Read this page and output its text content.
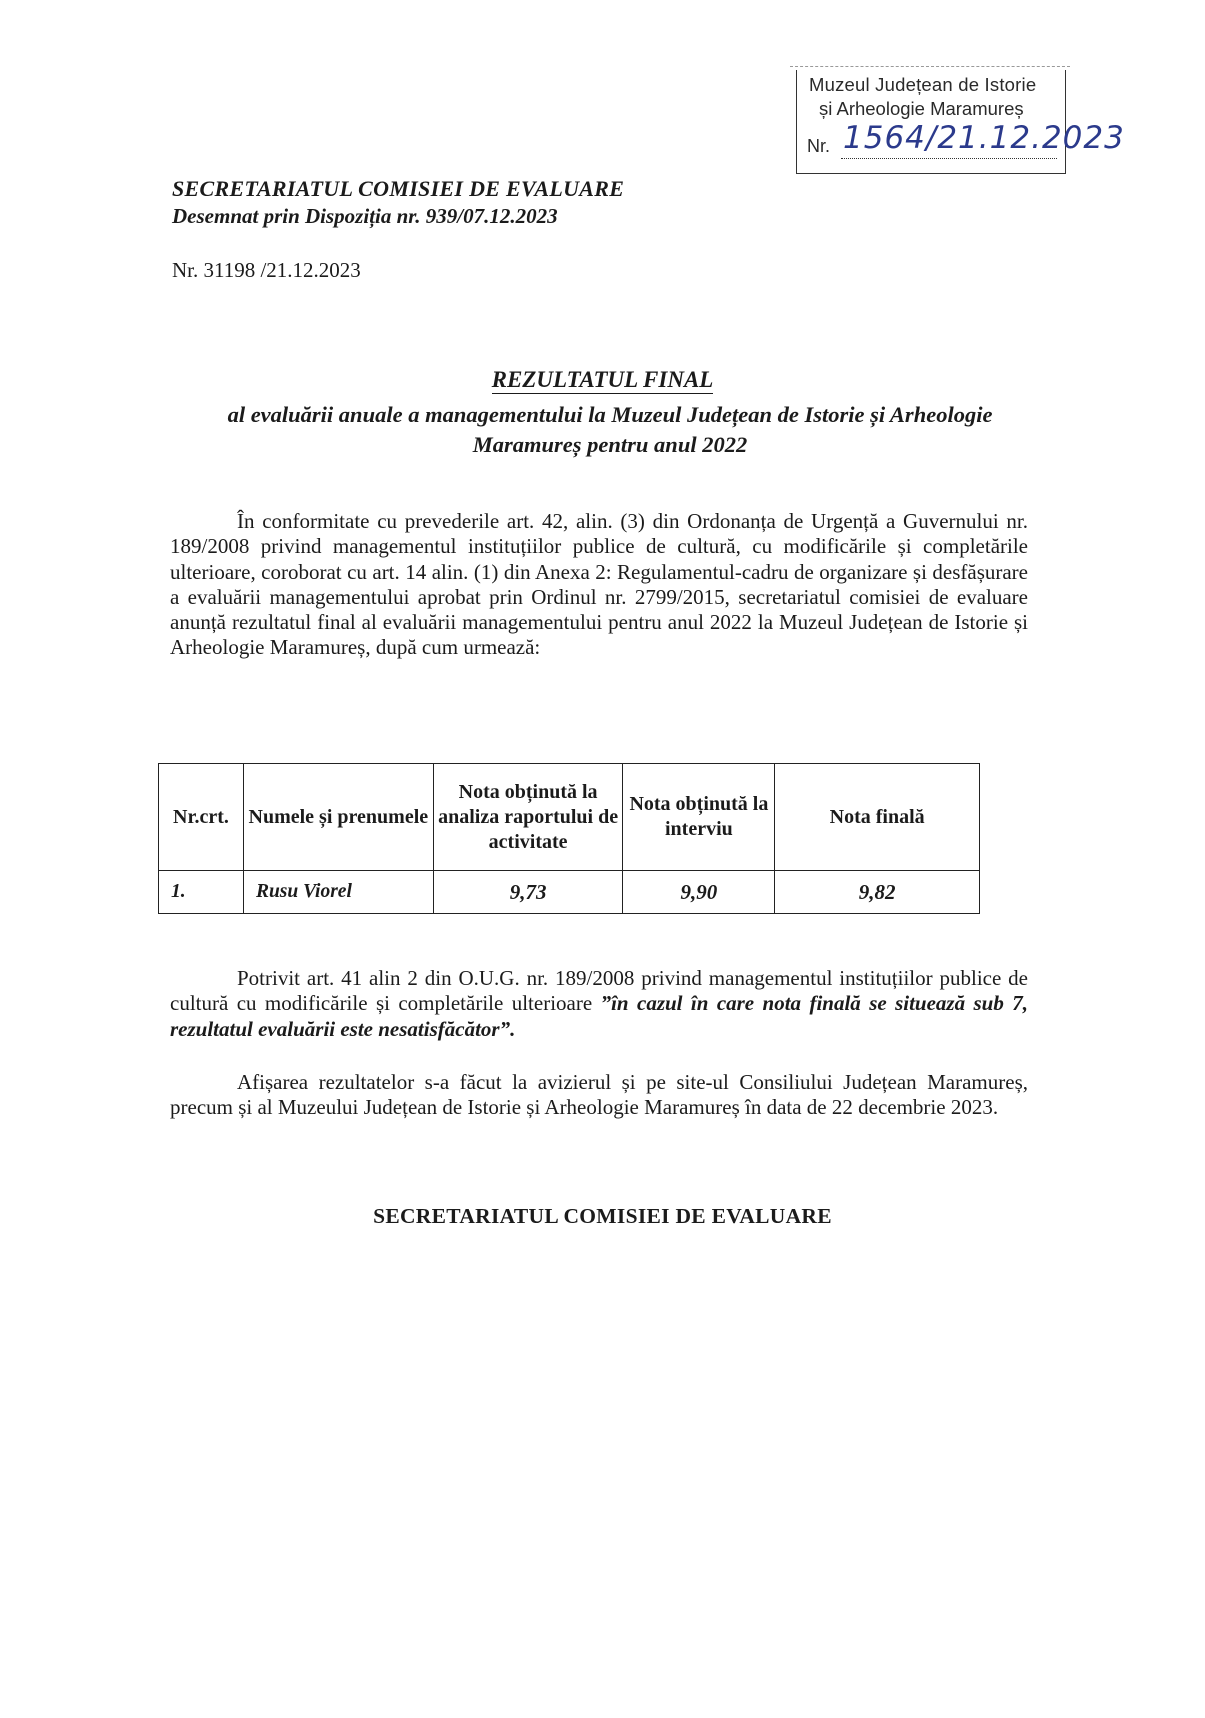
Muzeul Județean de Istorie
și Arheologie Maramureș
Nr. 1564/21.12.2023
SECRETARIATUL COMISIEI DE EVALUARE
Desemnat prin Dispoziția nr. 939/07.12.2023
Nr. 31198 /21.12.2023
REZULTATUL FINAL
al evaluării anuale a managementului la Muzeul Județean de Istorie și Arheologie Maramureș pentru anul 2022
În conformitate cu prevederile art. 42, alin. (3) din Ordonanța de Urgență a Guvernului nr. 189/2008 privind managementul instituțiilor publice de cultură, cu modificările și completările ulterioare, coroborat cu art. 14 alin. (1) din Anexa 2: Regulamentul-cadru de organizare și desfășurare a evaluării managementului aprobat prin Ordinul nr. 2799/2015, secretariatul comisiei de evaluare anunță rezultatul final al evaluării managementului pentru anul 2022 la Muzeul Județean de Istorie și Arheologie Maramureș, după cum urmează:
Nr.crt.	Numele și prenumele	Nota obținută la analiza raportului de activitate	Nota obținută la interviu	Nota finală
1.	Rusu Viorel	9,73	9,90	9,82
Potrivit art. 41 alin 2 din O.U.G. nr. 189/2008 privind managementul instituțiilor publice de cultură cu modificările și completările ulterioare ”în cazul în care nota finală se situează sub 7, rezultatul evaluării este nesatisfăcător”.
Afișarea rezultatelor s-a făcut la avizierul și pe site-ul Consiliului Județean Maramureș, precum și al Muzeului Județean de Istorie și Arheologie Maramureș în data de 22 decembrie 2023.
SECRETARIATUL COMISIEI DE EVALUARE
